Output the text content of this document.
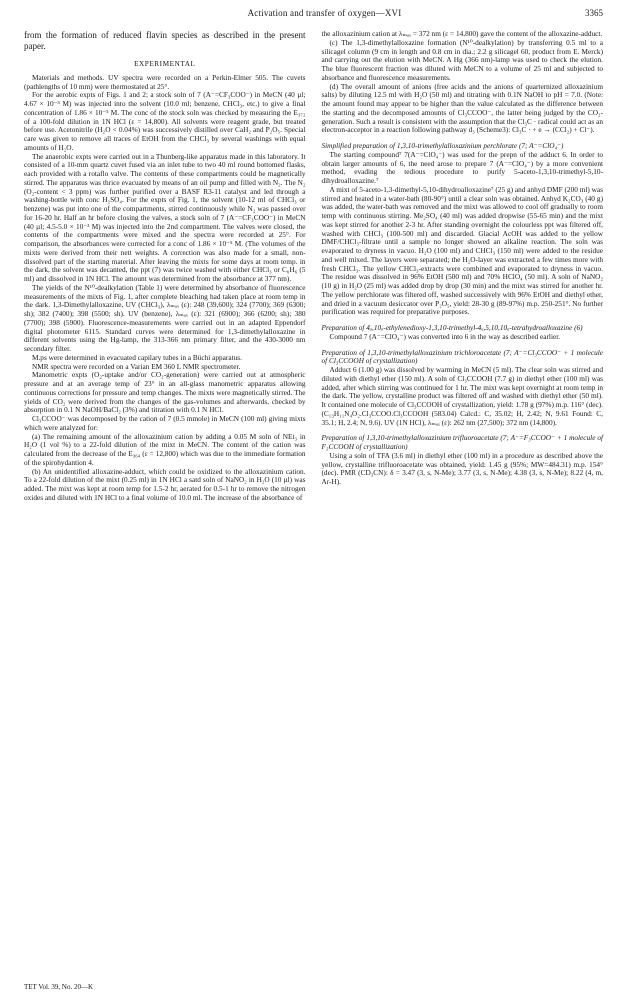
Activation and transfer of oxygen—XVI	3365

from the formation of reduced flavin species as described in the present paper.

EXPERIMENTAL

Materials and methods. UV spectra were recorded on a Perkin-Elmer 505. The cuvets (pathlengths of 10 mm) were thermostated at 25°.

For the aerobic expts of Figs. 1 and 2; a stock soln of 7 (A⁻=CF₃COO⁻) in MeCN (40 µl; 4.67 × 10⁻³ M) was injected into the solvent (10.0 ml; benzene, CHCl₃, etc.) to give a final concentration of 1.86 × 10⁻⁵ M. The conc of the stock soln was checked by measuring the E₃₇₂ of a 100-fold dilution in 1N HCl (ε = 14,800). All solvents were reagent grade, but treated before use. Acetonitrile (H₂O < 0.04%) was successively distilled over CaH₂ and P₂O₅. Special care was given to remove all traces of EtOH from the CHCl₃ by several washings with equal amounts of H₂O.

The anaerobic expts were carried out in a Thunberg-like apparatus made in this laboratory. It consisted of a 10-mm quartz cuvet fused via an inlet tube to two 40 ml round bottomed flasks, each provided with a rotaflo valve. The contents of these compartments could be magnetically stirred. The apparatus was thrice evacuated by means of an oil pump and filled with N₂. The N₂ (O₂-content < 3 ppm) was further purified over a BASF R3-11 catalyst and led through a washing-bottle with conc H₂SO₄. For the expts of Fig. 1, the solvent (10-12 ml of CHCl₃ or benzene) was put into one of the compartments, stirred continuously while N₂ was passed over for 16-20 hr. Half an hr before closing the valves, a stock soln of 7 (A⁻=CF₃COO⁻) in MeCN (40 µl; 4.5-5.0 × 10⁻³ M) was injected into the 2nd compartment. The valves were closed, the contents of the compartments were mixed and the spectra were recorded at 25°. For comparison, the absorbances were corrected for a conc of 1.86 × 10⁻⁵ M. (The volumes of the mixts were derived from their nett weights. A correction was also made for a small, non-dissolved part of the starting material. After leaving the mixts for some days at room temp. in the dark, the solvent was decanted, the ppt (7) was twice washed with either CHCl₃ or C₆H₆ (5 ml) and dissolved in 1N HCl. The amount was determined from the absorbance at 377 nm).

The yields of the N¹⁰-dealkylation (Table 1) were determined by absorbance of fluorescence measurements of the mixts of Fig. 1, after complete bleaching had taken place at room temp in the dark. 1,3-Dimethylalloxazine, UV (CHCl₃), λₘₐₓ (ε): 248 (39,600); 324 (7700); 369 (6300; sh); 382 (7400); 398 (5500; sh). UV (benzene), λₘₐₓ (ε): 321 (6900); 366 (6200; sh); 380 (7700); 398 (5900). Fluorescence-measurements were carried out in an adapted Eppendorf digital photometer 6115. Standard curves were determined for 1,3-dimethylalloxazine in different solvents using the Hg-lamp, the 313-366 nm primary filter, and the 430-3000 nm secondary filter.

M.ps were determined in evacuated capilary tubes in a Büchi apparatus.

NMR spectra were recorded on a Varian EM 360 L NMR spectrometer.

Manometric expts (O₂-uptake and/or CO₂-generation) were carried out at atmospheric pressure and at an average temp of 23° in an all-glass manometric apparatus allowing continuous corrections for pressure and temp changes. The mixts were magnetically stirred. The yields of CO₂ were derived from the changes of the gas-volumes and afterwards, checked by absorption in 0.1 N NaOH/BaCl₂ (3%) and titration with 0.1 N HCl.

Cl₃CCOO⁻ was decomposed by the cation of 7 (0.5 mmole) in MeCN (100 ml) giving mixts which were analyzed for:

(a) The remaining amount of the alloxazinium cation by adding a 0.05 M soln of NEt₃ in H₂O (1 vol %) to a 22-fold dilution of the mixt in MeCN. The content of the cation was calculated from the decrease of the E₃₆₄ (ε = 12,800) which was due to the immediate formation of the spirohydantion 4.

(b) An unidentified alloxazine-adduct, which could be oxidized to the alloxazinium cation. To a 22-fold dilution of the mixt (0.25 ml) in 1N HCl a satd soln of NaNO₂ in H₂O (10 µl) was added. The mixt was kept at room temp for 1.5-2 hr, aerated for 0.5-1 hr to remove the nitrogen oxides and diluted with 1N HCl to a final volume of 10.0 ml. The increase of the absorbance of

the alloxazinium cation at λₘₐₓ = 372 nm (ε = 14,800) gave the content of the alloxazine-adduct.

(c) The 1,3-dimethylalloxazine formation (N¹⁰-dealkylation) by transferring 0.5 ml to a silicagel column (9 cm in length and 0.8 cm in dia.; 2.2 g silicagel 60, product from E. Merck) and carrying out the elution with MeCN. A Hg (366 nm)-lamp was used to check the elution. The blue fluorescent fraction was diluted with MeCN to a volume of 25 ml and subjected to absorbance and fluorescence measurements.

(d) The overall amount of anions (free acids and the anions of quarternized alloxazinium salts) by diluting 12.5 ml with H₂O (50 ml) and titrating with 0.1N NaOH to pH = 7.0. (Note: the amount found may appear to be higher than the value calculated as the difference between the starting and the decomposed amounts of Cl₃CCOO⁻, the latter being judged by the CO₂-generation. Such a result is consistent with the assumption that the Cl₃C · radical could act as an electron-acceptor in a reaction following pathway d₃ (Scheme3): Cl₃C · + e → (CCl₂) + Cl⁻).

Simplified preparation of 1,3,10-trimethylalloxazinium perchlorate (7; A⁻=ClO₄⁻)

The starting compound⁷ 7(A⁻=ClO₄⁻) was used for the prepn of the adduct 6. In order to obtain larger amounts of 6, the need arose to prepare 7 (A⁻=ClO₄⁻) by a more convenient method, evading the tedious procedure to purify 5-aceto-1,3,10-trimethyl-5,10-dihydroalloxazine.⁷

A mixt of 5-aceto-1,3-dimethyl-5,10-dihydroalloxazine⁷ (25 g) and anhyd DMF (200 ml) was stirred and heated in a water-bath (80-90°) until a clear soln was obtained. Anhyd K₂CO₃ (40 g) was added, the water-bath was removed and the mixt was allowed to cool off gradually to room temp with continuous stirring. Me₂SO₄ (40 ml) was added dropwise (55-65 min) and the mixt was kept stirred for another 2-3 hr. After standing overnight the colourless ppt was filtered off, washed with CHCl₃ (100-500 ml) and discarded. Glacial AcOH was added to the yellow DMF/CHCl₃-filtrate until a sample no longer showed an alkaline reaction. The soln was evaporated to dryness in vacuo. H₂O (100 ml) and CHCl₃ (150 ml) were added to the residue and well mixed. The layers were separated; the H₂O-layer was extracted a few times more with fresh CHCl₃. The yellow CHCl₃-extracts were combined and evaporated to dryness in vacuo. The residue was dissolved in 96% EtOH (500 ml) and 70% HClO₄ (50 ml). A soln of NaNO₂ (10 g) in H₂O (25 ml) was added drop by drop (30 min) and the mixt was stirred for another hr. The yellow perchlorate was filtered off, washed successively with 96% EtOH and diethyl ether, and dried in a vacuum desiccator over P₂O₅, yield: 28-30 g (89-97%) m.p. 250-251°. No further purification was required for preparative purposes.

Preparation of 4ₐ,10ₐ-ethylenedioxy-1,3,10-trimethyl-4ₐ,5,10,10ₐ-tetrahydroalloxazine (6)

Compound 7 (A⁻=ClO₄⁻) was converted into 6 in the way as described earlier.

Preparation of 1,3,10-trimethylalloxazinium trichloroacetate (7; A⁻=Cl₃CCOO⁻ + 1 molecule of Cl₃CCOOH of crystallization)

Adduct 6 (1.00 g) was dissolved by warming in MeCN (5 ml). The clear soln was stirred and diluted with diethyl ether (150 ml). A soln of Cl₃CCOOH (7.7 g) in diethyl ether (100 ml) was added, after which stirring was continued for 1 hr. The mixt was kept overnight at room temp in the dark. The yellow, crystalline product was filtered off and washed with diethyl ether (50 ml). It contained one molecule of Cl₃CCOOH of crystallization, yield: 1.78 g (97%) m.p. 116° (dec). (C₁₃H₁₁N₄O₂.Cl₃CCOO.Cl₃CCOOH (583.04) Calcd.: C, 35.02; H, 2.42; N, 9.61 Found: C, 35.1; H, 2.4; N, 9.6). UV (1N HCl), λₘₐₓ (ε): 262 nm (27,500); 372 nm (14,800).

Preparation of 1,3,10-trimethylalloxazinium trifluoroacetate (7; A⁻=F₃CCOO⁻ + 1 molecule of F₃CCOOH of crystallization)

Using a soln of TFA (3.6 ml) in diethyl ether (100 ml) in a procedure as described above the yellow, crystalline trifluoroacetate was obtained, yield: 1.45 g (95%; MW=484.31) m.p. 154° (dec). PMR (CD₃CN): δ = 3.47 (3, s, N-Me); 3.77 (3, s, N-Me); 4.38 (3, s, N-Me); 8.22 (4, m, Ar-H).

TET Vol. 39, No. 20—K
